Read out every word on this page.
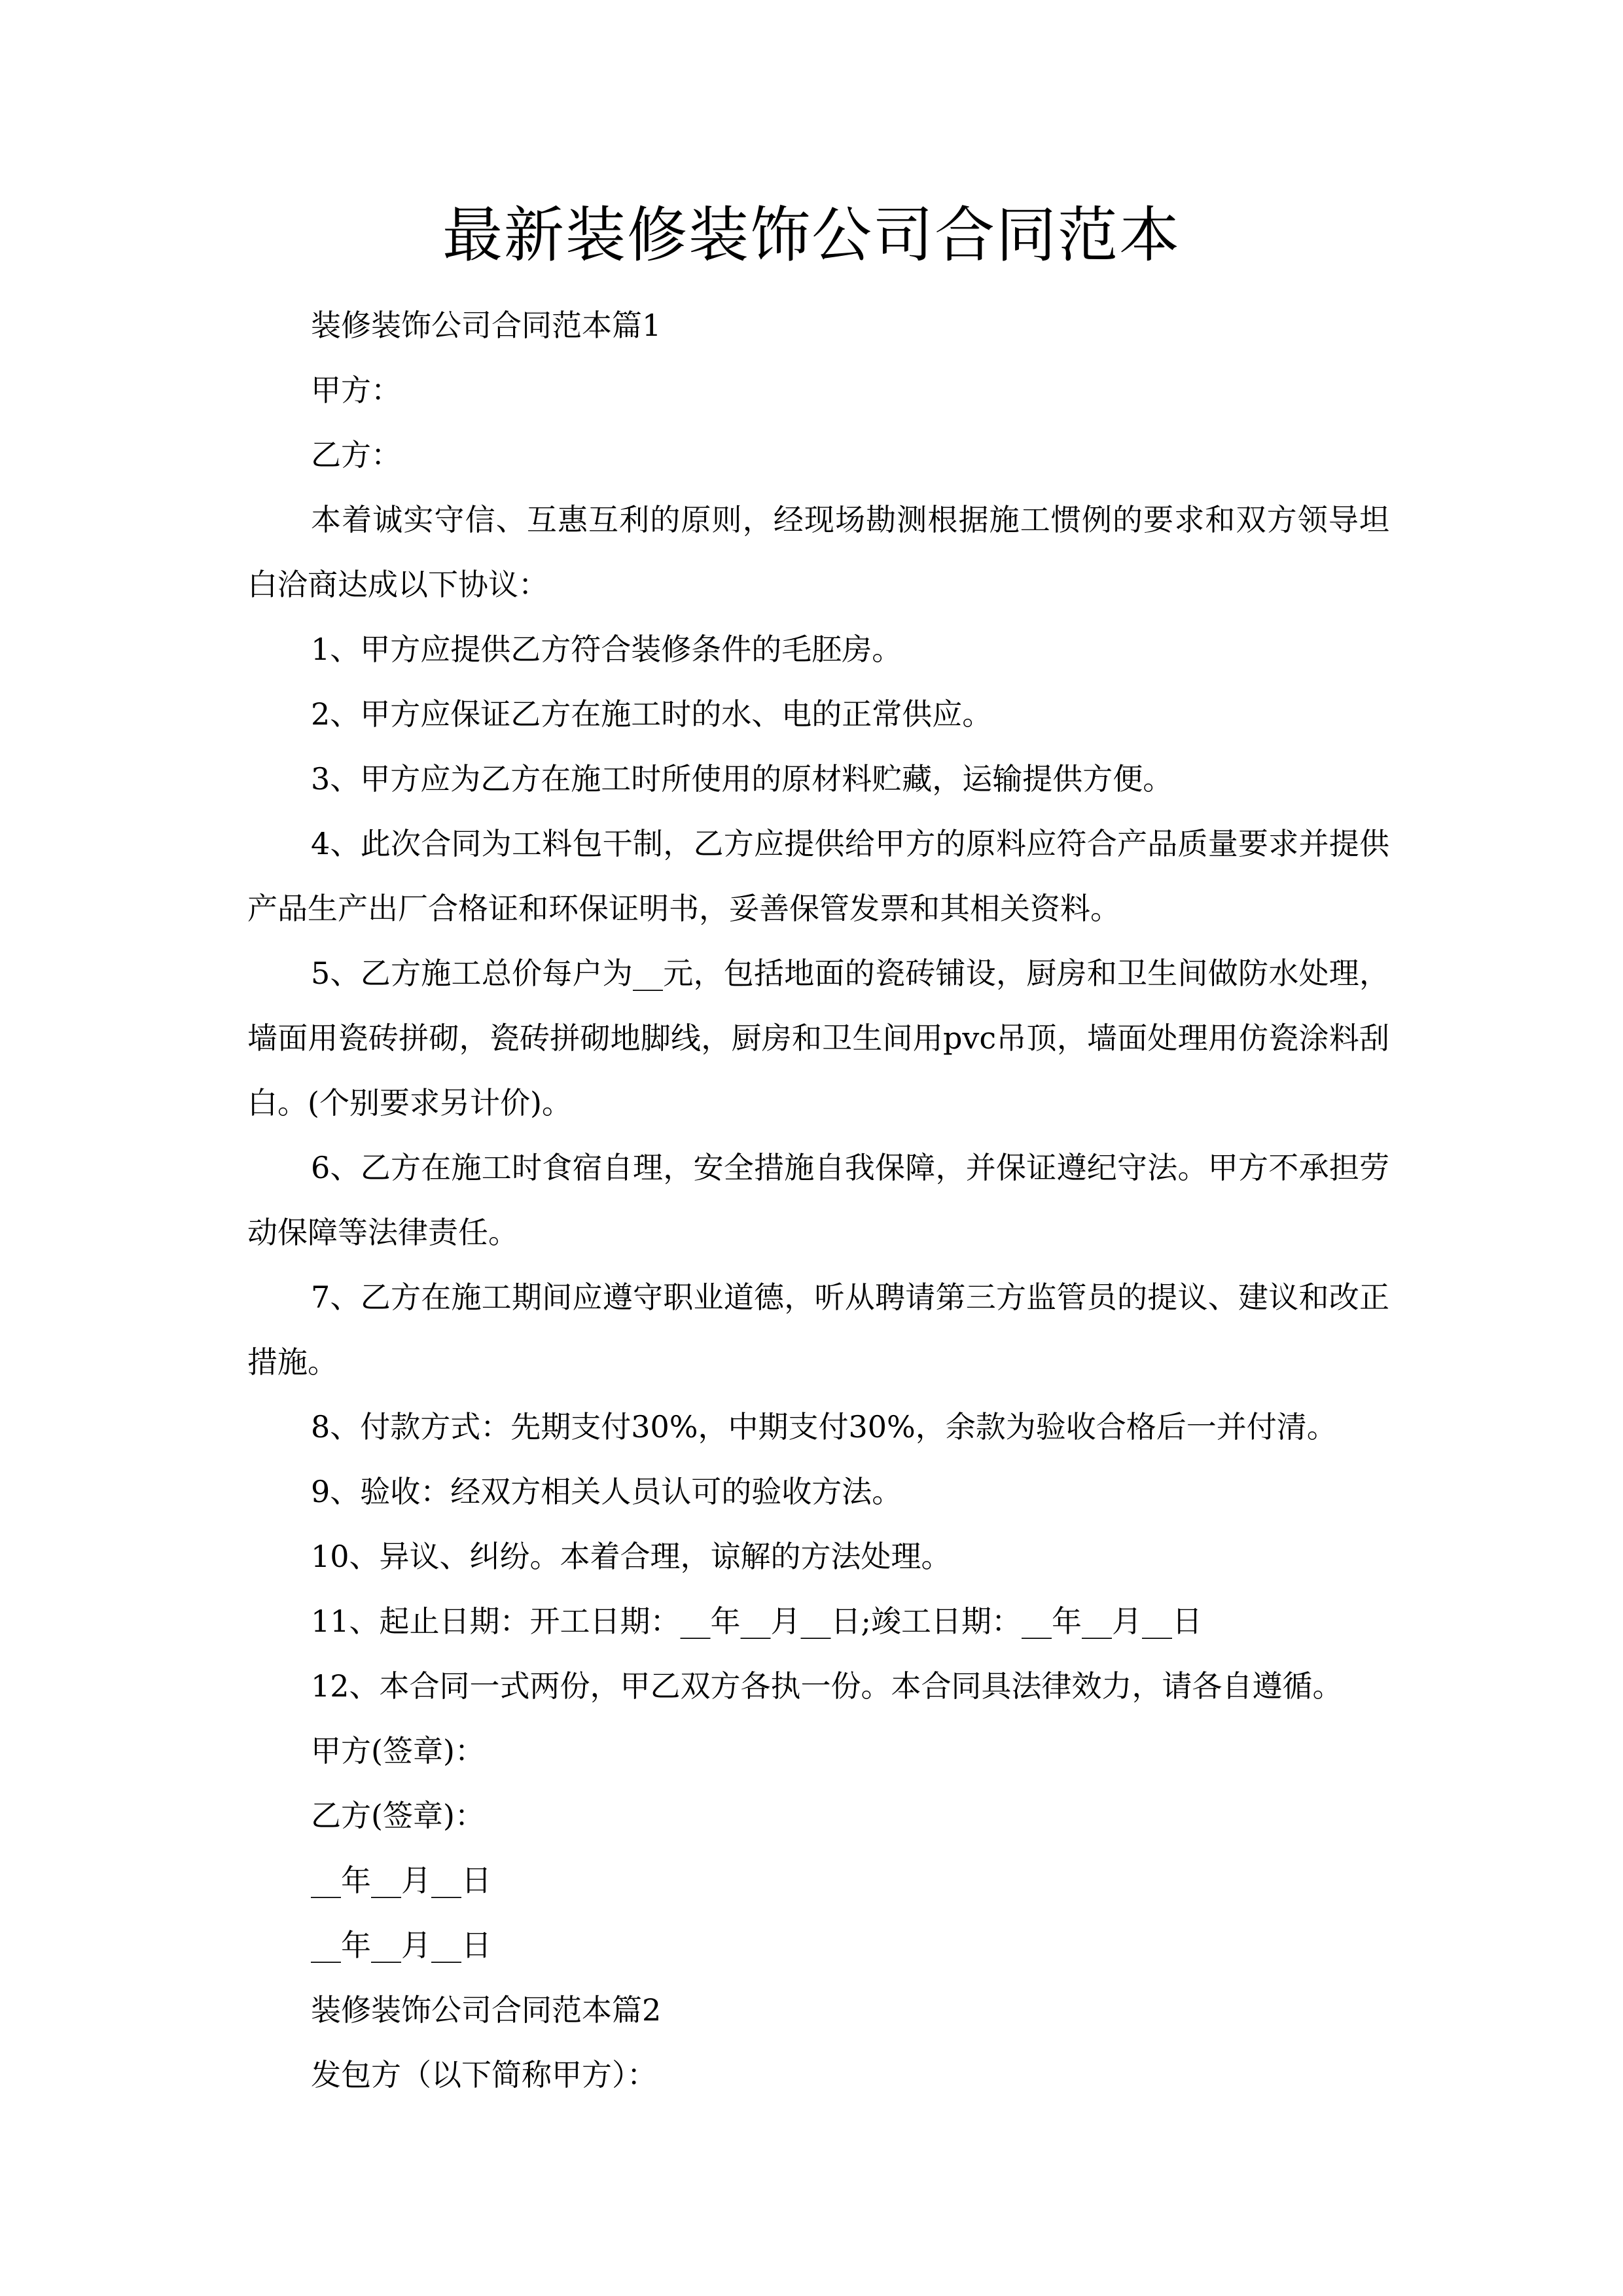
最新装修装饰公司合同范本

装修装饰公司合同范本篇1

甲方：

乙方：

本着诚实守信、互惠互利的原则，经现场勘测根据施工惯例的要求和双方领导坦白洽商达成以下协议：

1、甲方应提供乙方符合装修条件的毛胚房。

2、甲方应保证乙方在施工时的水、电的正常供应。

3、甲方应为乙方在施工时所使用的原材料贮藏，运输提供方便。

4、此次合同为工料包干制，乙方应提供给甲方的原料应符合产品质量要求并提供产品生产出厂合格证和环保证明书，妥善保管发票和其相关资料。

5、乙方施工总价每户为__元，包括地面的瓷砖铺设，厨房和卫生间做防水处理，墙面用瓷砖拼砌，瓷砖拼砌地脚线，厨房和卫生间用pvc吊顶，墙面处理用仿瓷涂料刮白。(个别要求另计价)。

6、乙方在施工时食宿自理，安全措施自我保障，并保证遵纪守法。甲方不承担劳动保障等法律责任。

7、乙方在施工期间应遵守职业道德，听从聘请第三方监管员的提议、建议和改正措施。

8、付款方式：先期支付30%，中期支付30%，余款为验收合格后一并付清。

9、验收：经双方相关人员认可的验收方法。

10、异议、纠纷。本着合理，谅解的方法处理。

11、起止日期：开工日期：__年__月__日;竣工日期：__年__月__日

12、本合同一式两份，甲乙双方各执一份。本合同具法律效力，请各自遵循。

甲方(签章)：

乙方(签章)：

__年__月__日

__年__月__日

装修装饰公司合同范本篇2

发包方（以下简称甲方）：
